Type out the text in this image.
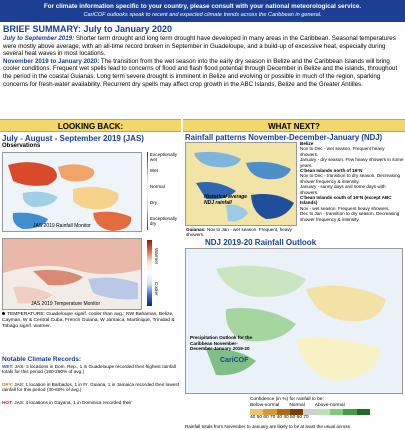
For climate information specific to your country, please consult with your national meteorological service.
CariCOF outlooks speak to recent and expected climate trends across the Caribbean in general.
BRIEF SUMMARY: July to January 2020

July to September 2019: Shorter term drought and long term drought have developed in many areas in the Caribbean. Seasonal temperatures were mostly above average, with an all-time record broken in September in Guadeloupe, and a build-up of excessive heat, especially during several heat waves in most locations.

November 2019 to January 2020: The transition from the wet season into the early dry season in Belize and the Caribbean Islands will bring cooler conditions. Frequent wet spells lead to concerns of flood and flash flood potential through December in Belize and the islands, throughout the period in the coastal Guianas. Long term severe drought is imminent in Belize and evolving or possible in much of the region, sparking concerns for fresh-water availability. Recurrent dry spells may affect crop growth in the ABC Islands, Belize and the Greater Antilles.

LOOKING BACK:	WHAT NEXT?
July - August - September 2019 (JAS)
Observations
JAS 2019 Rainfall Monitor
Exceptionally wet
Wet
Normal
Dry
Exceptionally dry
JAS 2019 Temperature Monitor
Warmer
Cooler
TEMPERATURE: Guadeloupe signif. cooler than avg.; NW Bahamas, Belize, Cayman, W & Central Cuba, French Guiana, W Jamaica, Martinique, Trinidad & Tobago signif. warmer.
Notable Climate Records:
WET: JAS: 3 locations in Dom. Rep., 1 in Guadeloupe recorded their highest rainfall totals for this period (180-260% of avg.)
DRY: JAS: 1 location in Barbados, 1 in Fr. Guiana, 1 in Jamaica recorded their lowest rainfall for this period (30-60% of avg.)
HOT: JAS: 4 locations in Guyana, 1 in Dominica recorded their
Rainfall patterns November-December-January (NDJ)
Historical average NDJ rainfall
Guianas: Nov to Jan - wet season. Frequent, heavy showers.
Belize
Nov to Dec - wet season. Frequent heavy showers.
January - dry season. Few heavy showers in some years.
C'bean Islands north of 16°N
Nov to Dec - transition to dry season. Decreasing shower frequency & intensity.
January - sunny days and some days with showers.
C'bean Islands south of 16°N (except ABC Islands)
Nov - wet season. Frequent heavy showers.
Dec to Jan - transition to dry season. Decreasing shower frequency & intensity.
NDJ 2019-20 Rainfall Outlook
Precipitation Outlook for the Caribbean November-December-January 2019-20
CariCOF
Confidence (in %) for rainfall to be:
Below-normal Normal Above-normal
40 50 60 70 40 40 50 60 70
Rainfall totals from November to January are likely to be at least the usual across
